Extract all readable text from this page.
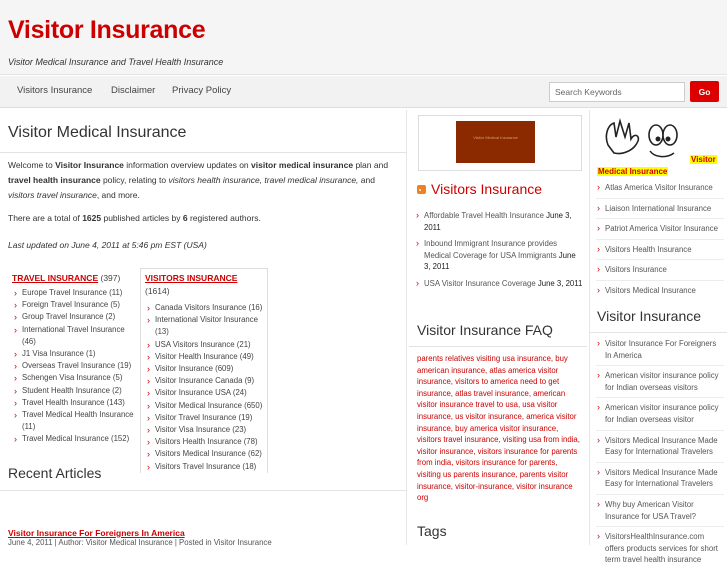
Visitor Insurance
Visitor Medical Insurance and Travel Health Insurance
Visitors Insurance Disclaimer Privacy Policy
Search Keywords	Go
Visitor Medical Insurance

Welcome to Visitor Insurance information overview updates on visitor medical insurance plan and travel health insurance policy, relating to visitors health insurance, travel medical insurance, and visitors travel insurance, and more.

There are a total of 1625 published articles by 6 registered authors.

Last updated on June 4, 2011 at 5:46 pm EST (USA)

TRAVEL INSURANCE (397)
› Europe Travel Insurance (11)
› Foreign Travel Insurance (5)
› Group Travel Insurance (2)
› International Travel Insurance (46)
› J1 Visa Insurance (1)
› Overseas Travel Insurance (19)
› Schengen Visa Insurance (5)
› Student Health Insurance (2)
› Travel Health Insurance (143)
› Travel Medical Health Insurance (11)
› Travel Medical Insurance (152)
VISITORS INSURANCE
(1614)
› Canada Visitors Insurance (16)
› International Visitor Insurance (13)
› USA Visitors Insurance (21)
› Visitor Health Insurance (49)
› Visitor Insurance (609)
› Visitor Insurance Canada (9)
› Visitor Insurance USA (24)
› Visitor Medical Insurance (650)
› Visitor Travel Insurance (19)
› Visitor Visa Insurance (23)
› Visitors Health Insurance (78)
› Visitors Medical Insurance (62)
› Visitors Travel Insurance (18)
Recent Articles
Visitor Insurance For Foreigners In America
June 4, 2011 | Author: Visitor Medical Insurance | Posted in Visitor Insurance
Visitor Medical Insurance
Visitors Insurance
› Affordable Travel Health Insurance June 3, 2011
› Inbound Immigrant Insurance provides Medical Coverage for USA Immigrants June 3, 2011
› USA Visitor Insurance Coverage June 3, 2011
Visitor Insurance FAQ
parents relatives visiting usa insurance, buy american insurance, atlas america visitor insurance, visitors to america need to get insurance, atlas travel insurance, american visitor insurance travel to usa, usa visitor insurance, us visitor insurance, america visitor insurance, buy america visitor insurance, visitors travel insurance, visiting usa from india, visitor insurance, visitors insurance for parents from india, visitors insurance for parents, visiting us parents insurance, parents visitor insurance, visitor-insurance, visitor insurance org
Tags
Visitor
Medical Insurance
› Atlas America Visitor Insurance
› Liaison International Insurance
› Patriot America Visitor Insurance
› Visitors Health Insurance
› Visitors Insurance
› Visitors Medical Insurance
Visitor Insurance
› Visitor Insurance For Foreigners In America
› American visitor insurance policy for Indian overseas visitors
› American visitor insurance policy for Indian overseas visitor
› Visitors Medical Insurance Made Easy for International Travelers
› Visitors Medical Insurance Made Easy for International Travelers
› Why buy American Visitor Insurance for USA Travel?
› VisitorsHealthInsurance.com offers products services for short term travel health insurance
